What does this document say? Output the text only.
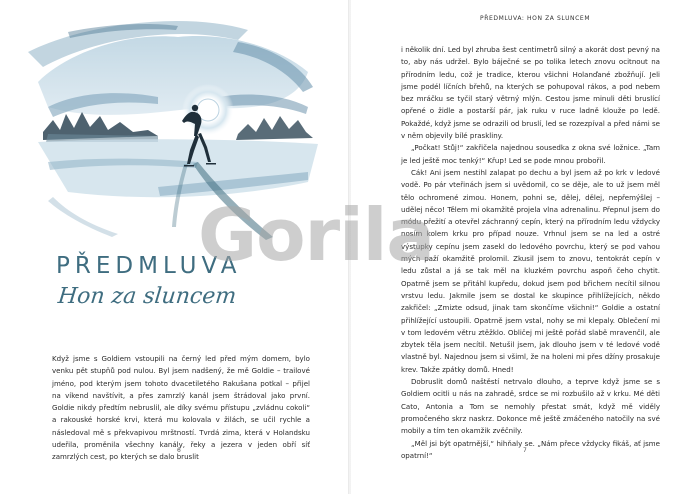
PŘEDMLUVA
Hon za sluncem

Když jsme s Goldiem vstoupili na černý led před mým domem, bylo venku pět stupňů pod nulou. Byl jsem nadšený, že mě Goldie – trailové jméno, pod kterým jsem tohoto dvacetiletého Rakušana potkal – přijel na víkend navštívit, a přes zamrzlý kanál jsem štrádoval jako první. Goldie nikdy předtím nebruslil, ale díky svému přístupu „zvládnu cokoli“ a rakouské horské krvi, která mu kolovala v žilách, se učil rychle a následoval mě s překvapivou mrštností. Tvrdá zima, která v Holandsku udeřila, proměnila všechny kanály, řeky a jezera v jeden obří síť zamrzlých cest, po kterých se dalo bruslit

6
PŘEDMLUVA: HON ZA SLUNCEM

i několik dní. Led byl zhruba šest centimetrů silný a akorát dost pevný na to, aby nás udržel. Bylo báječné se po tolika letech znovu ocitnout na přírodním ledu, což je tradice, kterou všichni Holanďané zbožňují. Jeli jsme podél líčních břehů, na kterých se pohupoval rákos, a pod nebem bez mráčku se tyčil starý větrný mlýn. Cestou jsme minuli děti bruslící opřené o židle a postarší pár, jak ruku v ruce ladně klouže po ledě. Pokaždé, když jsme se odrazili od bruslí, led se rozezpíval a před námi se v něm objevily bílé praskliny.

„Počkat! Stůj!“ zakřičela najednou sousedka z okna své ložnice. „Tam je led ještě moc tenký!“ Křup! Led se pode mnou probořil.

Cák! Ani jsem nestihl zalapat po dechu a byl jsem až po krk v ledové vodě. Po pár vteřinách jsem si uvědomil, co se děje, ale to už jsem měl tělo ochromené zimou. Honem, pohni se, dělej, dělej, nepřemýšlej – udělej něco! Tělem mi okamžitě projela vlna adrenalinu. Přepnul jsem do módu přežití a otevřel záchranný cepín, který na přírodním ledu vždycky nosím kolem krku pro případ nouze. Vrhnul jsem se na led a ostré výstupky cepínu jsem zasekl do ledového povrchu, který se pod vahou mých paží okamžitě prolomil. Zkusil jsem to znovu, tentokrát cepín v ledu zůstal a já se tak měl na kluzkém povrchu aspoň čeho chytit. Opatrně jsem se přitáhl kupředu, dokud jsem pod břichem necítil silnou vrstvu ledu. Jakmile jsem se dostal ke skupince přihlížejících, někdo zakřičel: „Zmizte odsud, jinak tam skončíme všichni!“ Goldie a ostatní přihlížející ustoupili. Opatrně jsem vstal, nohy se mi klepaly. Oblečení mi v tom ledovém větru ztěžklo. Obličej mi ještě pořád slabě mravenčil, ale zbytek těla jsem necítil. Netušil jsem, jak dlouho jsem v té ledové vodě vlastně byl. Najednou jsem si všiml, že na holeni mi přes džíny prosakuje krev. Takže zpátky domů. Hned!

Dobruslit domů naštěstí netrvalo dlouho, a teprve když jsme se s Goldiem ocitli u nás na zahradě, srdce se mi rozbušilo až v krku. Mé děti Cato, Antonia a Tom se nemohly přestat smát, když mě viděly promočeného skrz naskrz. Dokonce mě ještě zmáčeného natočily na své mobily a tím ten okamžik zvěčnily.

„Měl jsi být opatrnější,“ hihňaly se. „Nám přece vždycky fikáš, ať jsme opatrní!“

7
Gorila
